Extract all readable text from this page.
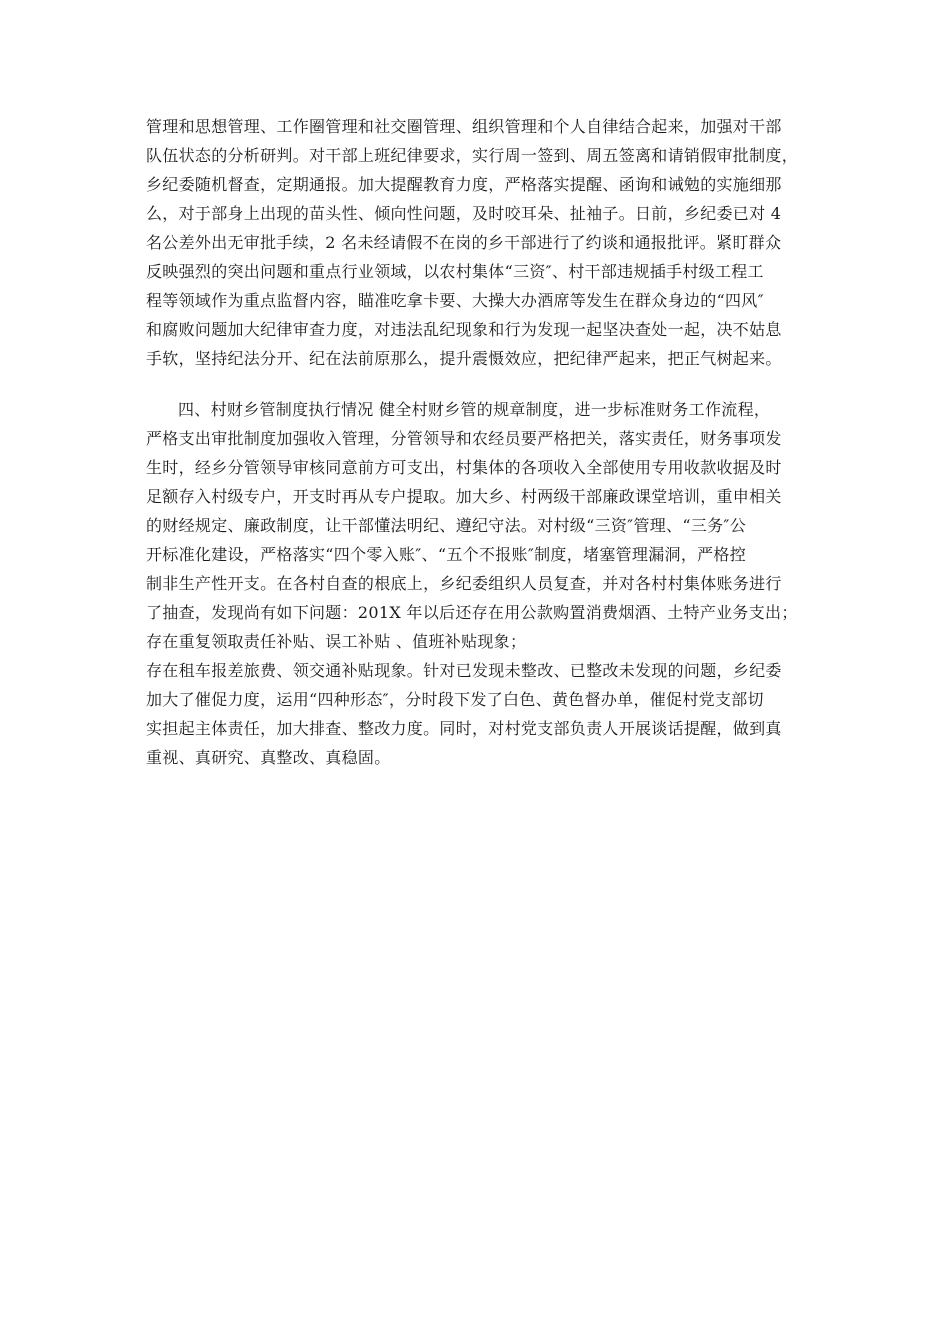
管理和思想管理、工作圈管理和社交圈管理、组织管理和个人自律结合起来，加强对干部
队伍状态的分析研判。对干部上班纪律要求，实行周一签到、周五签离和请销假审批制度，
乡纪委随机督查，定期通报。加大提醒教育力度，严格落实提醒、函询和诫勉的实施细那
么，对于部身上出现的苗头性、倾向性问题，及时咬耳朵、扯袖子。日前，乡纪委已对 4
名公差外出无审批手续，2 名未经请假不在岗的乡干部进行了约谈和通报批评。紧盯群众
反映强烈的突出问题和重点行业领域，以农村集体“三资″、村干部违规插手村级工程工
程等领域作为重点监督内容，瞄准吃拿卡要、大操大办酒席等发生在群众身边的“四风″
和腐败问题加大纪律审查力度，对违法乱纪现象和行为发现一起坚决查处一起，决不姑息
手软，坚持纪法分开、纪在法前原那么，提升震慑效应，把纪律严起来，把正气树起来。
四、村财乡管制度执行情况 健全村财乡管的规章制度，进一步标准财务工作流程，
严格支出审批制度加强收入管理，分管领导和农经员要严格把关，落实责任，财务事项发
生时，经乡分管领导审核同意前方可支出，村集体的各项收入全部使用专用收款收据及时
足额存入村级专户，开支时再从专户提取。加大乡、村两级干部廉政课堂培训，重申相关
的财经规定、廉政制度，让干部懂法明纪、遵纪守法。对村级“三资″管理、“三务″公
开标准化建设，严格落实“四个零入账″、“五个不报账″制度，堵塞管理漏洞，严格控
制非生产性开支。在各村自查的根底上，乡纪委组织人员复查，并对各村村集体账务进行
了抽查，发现尚有如下问题：201X 年以后还存在用公款购置消费烟酒、土特产业务支出；
存在重复领取责任补贴、误工补贴 、值班补贴现象；
存在租车报差旅费、领交通补贴现象。针对已发现未整改、已整改未发现的问题，乡纪委
加大了催促力度，运用“四种形态″，分时段下发了白色、黄色督办单，催促村党支部切
实担起主体责任，加大排查、整改力度。同时，对村党支部负责人开展谈话提醒，做到真
重视、真研究、真整改、真稳固。
